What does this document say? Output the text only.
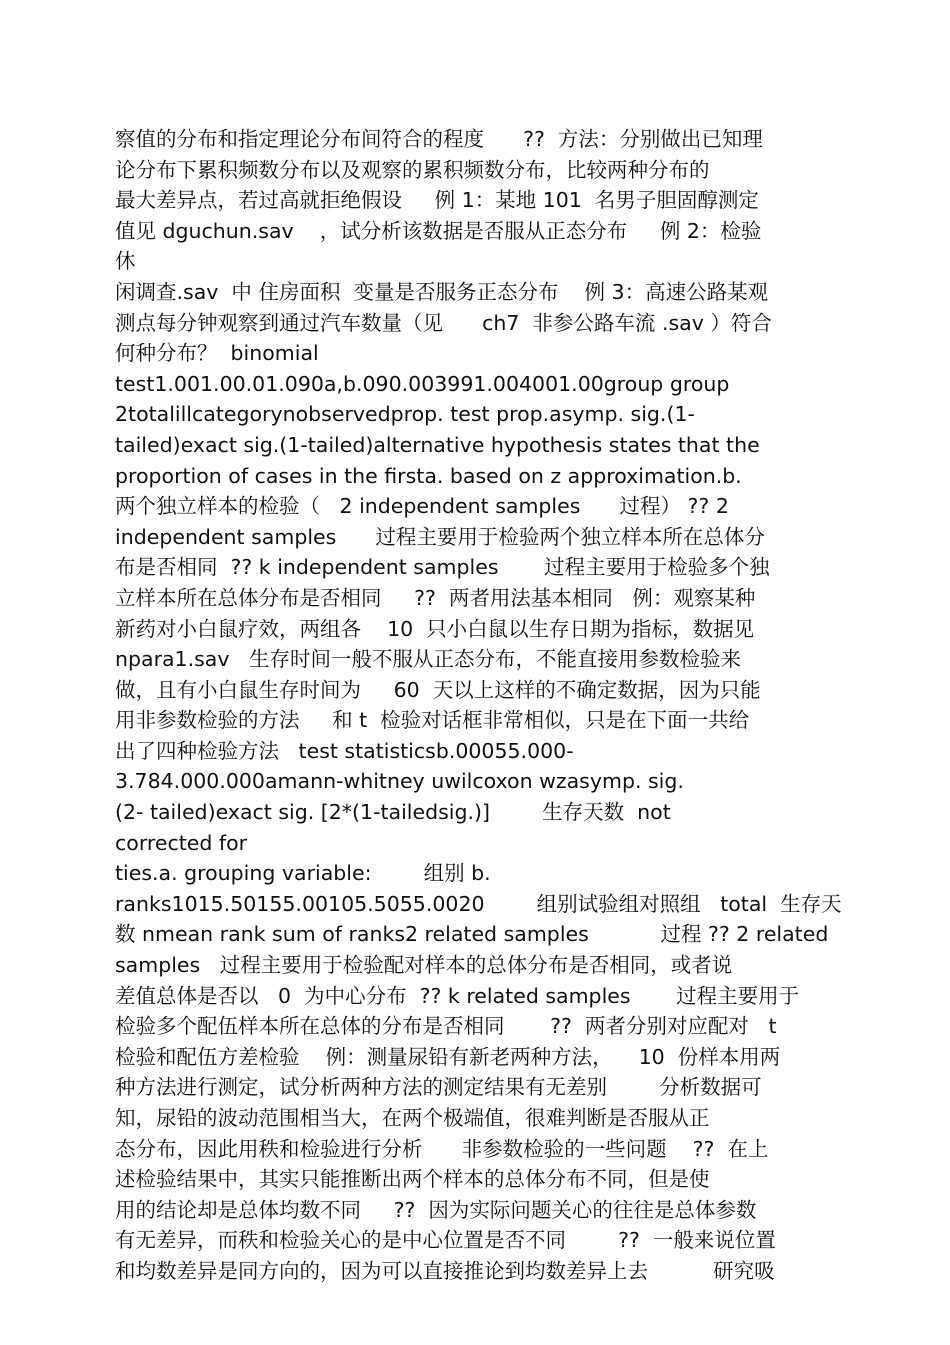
察值的分布和指定理论分布间符合的程度      ??  方法：分别做出已知理
论分布下累积频数分布以及观察的累积频数分布，比较两种分布的
最大差异点，若过高就拒绝假设     例 1：某地 101  名男子胆固醇测定
值见 dguchun.sav    ，试分析该数据是否服从正态分布     例 2：检验
休
闲调查.sav  中 住房面积  变量是否服务正态分布    例 3：高速公路某观
测点每分钟观察到通过汽车数量（见      ch7  非参公路车流 .sav ）符合
何种分布？  binomial
test1.001.00.01.090a,b.090.003991.004001.00group group
2totalillcategorynobservedprop. test prop.asymp. sig.(1-
tailed)exact sig.(1-tailed)alternative hypothesis states that the
proportion of cases in the firsta. based on z approximation.b.
两个独立样本的检验（   2 independent samples      过程） ?? 2
independent samples      过程主要用于检验两个独立样本所在总体分
布是否相同  ?? k independent samples       过程主要用于检验多个独
立样本所在总体分布是否相同     ??  两者用法基本相同   例：观察某种
新药对小白鼠疗效，两组各    10  只小白鼠以生存日期为指标，数据见
npara1.sav   生存时间一般不服从正态分布，不能直接用参数检验来
做，且有小白鼠生存时间为     60  天以上这样的不确定数据，因为只能
用非参数检验的方法     和 t  检验对话框非常相似，只是在下面一共给
出了四种检验方法   test statisticsb.00055.000-
3.784.000.000amann-whitney uwilcoxon wzasymp. sig.
(2- tailed)exact sig. [2*(1-tailedsig.)]        生存天数  not
corrected for
ties.a. grouping variable:        组别 b.
ranks1015.50155.00105.5055.0020        组别试验组对照组   total  生存天
数 nmean rank sum of ranks2 related samples           过程 ?? 2 related
samples   过程主要用于检验配对样本的总体分布是否相同，或者说
差值总体是否以   0  为中心分布  ?? k related samples       过程主要用于
检验多个配伍样本所在总体的分布是否相同       ??  两者分别对应配对   t
检验和配伍方差检验    例：测量尿铅有新老两种方法，    10  份样本用两
种方法进行测定，试分析两种方法的测定结果有无差别        分析数据可
知，尿铅的波动范围相当大，在两个极端值，很难判断是否服从正
态分布，因此用秩和检验进行分析      非参数检验的一些问题    ??  在上
述检验结果中，其实只能推断出两个样本的总体分布不同，但是使
用的结论却是总体均数不同     ??  因为实际问题关心的往往是总体参数
有无差异，而秩和检验关心的是中心位置是否不同        ??  一般来说位置
和均数差异是同方向的，因为可以直接推论到均数差异上去          研究吸
